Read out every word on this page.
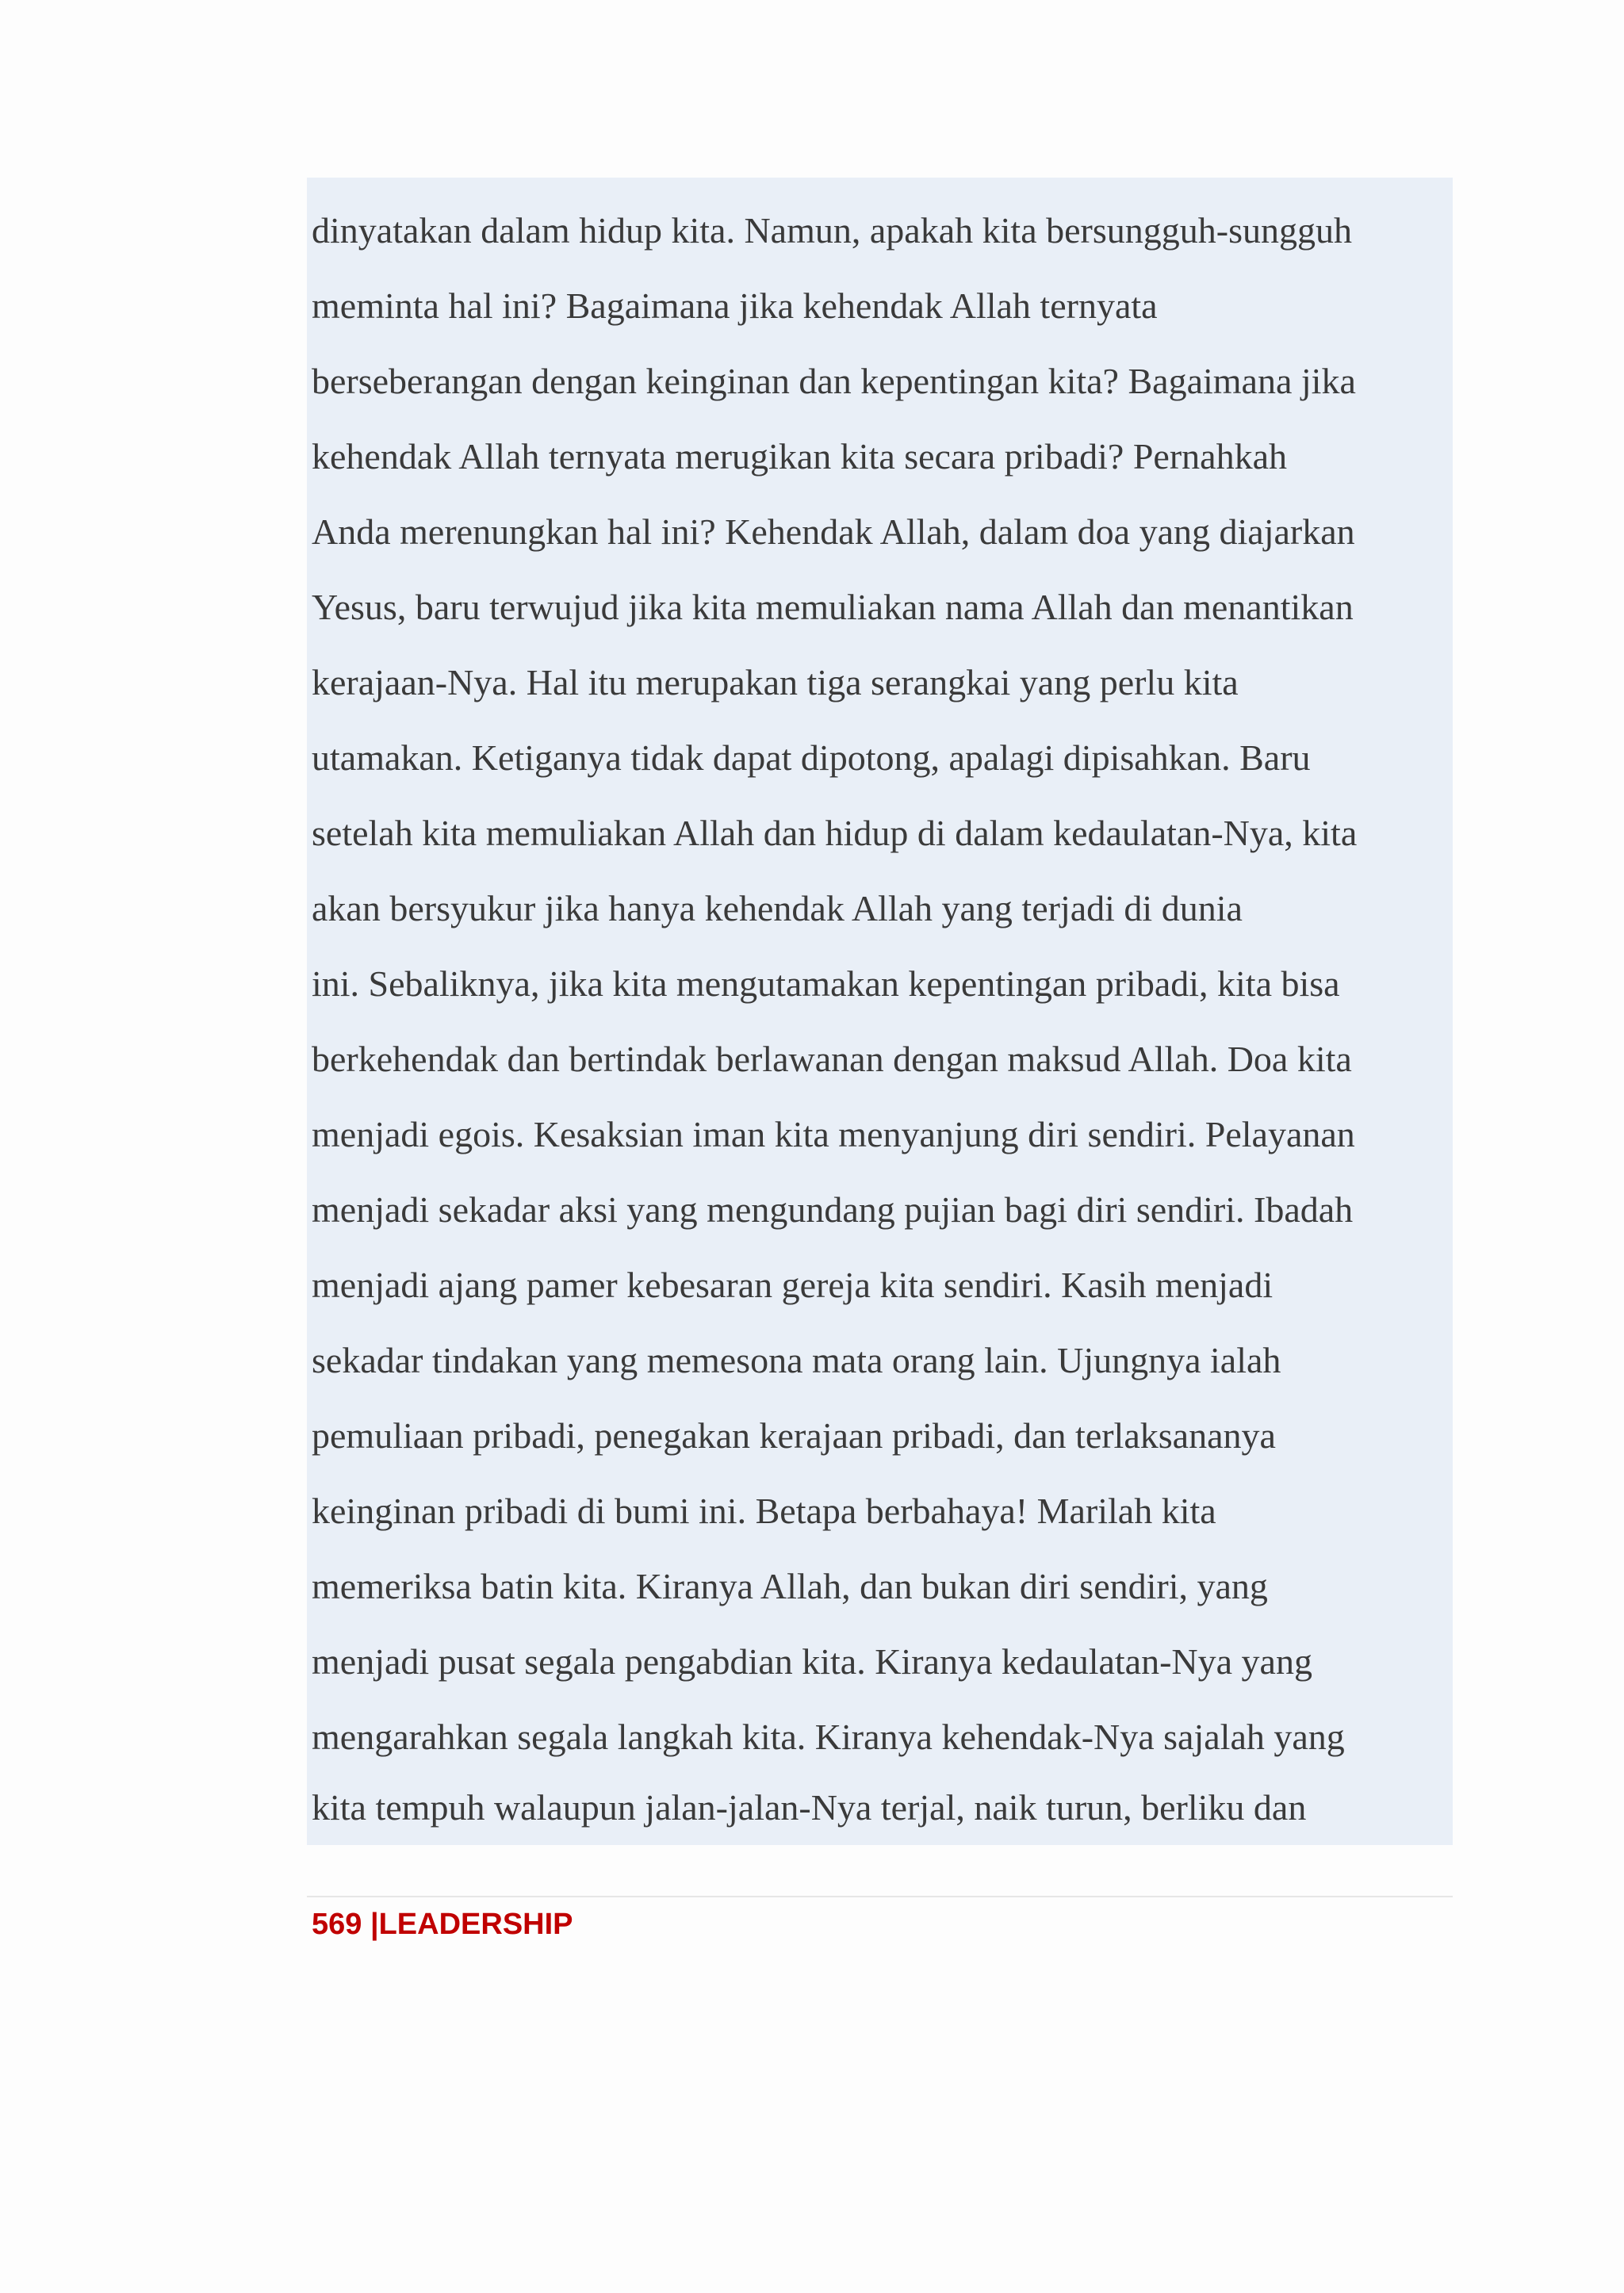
dinyatakan dalam hidup kita. Namun, apakah kita bersungguh-sungguh
meminta hal ini? Bagaimana jika kehendak Allah ternyata
berseberangan dengan keinginan dan kepentingan kita? Bagaimana jika
kehendak Allah ternyata merugikan kita secara pribadi? Pernahkah
Anda merenungkan hal ini? Kehendak Allah, dalam doa yang diajarkan
Yesus, baru terwujud jika kita memuliakan nama Allah dan menantikan
kerajaan-Nya. Hal itu merupakan tiga serangkai yang perlu kita
utamakan. Ketiganya tidak dapat dipotong, apalagi dipisahkan. Baru
setelah kita memuliakan Allah dan hidup di dalam kedaulatan-Nya, kita
akan bersyukur jika hanya kehendak Allah yang terjadi di dunia
ini. Sebaliknya, jika kita mengutamakan kepentingan pribadi, kita bisa
berkehendak dan bertindak berlawanan dengan maksud Allah. Doa kita
menjadi egois. Kesaksian iman kita menyanjung diri sendiri. Pelayanan
menjadi sekadar aksi yang mengundang pujian bagi diri sendiri. Ibadah
menjadi ajang pamer kebesaran gereja kita sendiri. Kasih menjadi
sekadar tindakan yang memesona mata orang lain. Ujungnya ialah
pemuliaan pribadi, penegakan kerajaan pribadi, dan terlaksananya
keinginan pribadi di bumi ini. Betapa berbahaya! Marilah kita
memeriksa batin kita. Kiranya Allah, dan bukan diri sendiri, yang
menjadi pusat segala pengabdian kita. Kiranya kedaulatan-Nya yang
mengarahkan segala langkah kita. Kiranya kehendak-Nya sajalah yang
kita tempuh walaupun jalan-jalan-Nya terjal, naik turun, berliku dan
569 |LEADERSHIP
